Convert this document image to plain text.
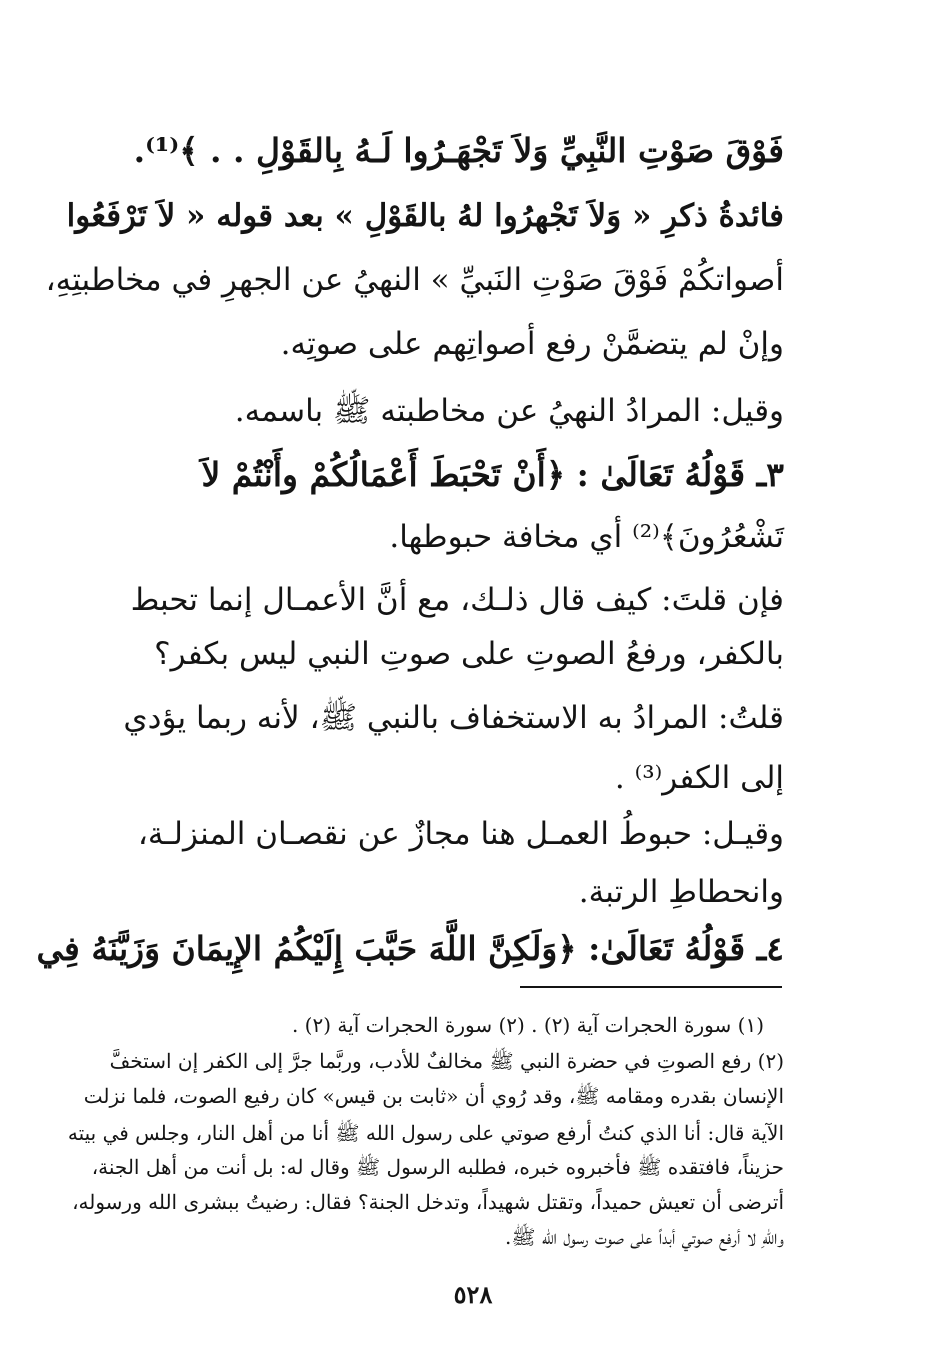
فَوْقَ صَوْتِ النَّبِيِّ وَلاَ تَجْهَـرُوا لَـهُ بِالقَوْلِ . . ﴾⁽¹⁾.
فائدةُ ذكرِ « وَلاَ تَجْهرُوا لهُ بالقَوْلِ » بعد قوله « لاَ تَرْفَعُوا
أصواتكُمْ فَوْقَ صَوْتِ النَبيِّ » النهيُ عن الجهرِ في مخاطبتِهِ،
وإنْ لم يتضمَّنْ رفع أصواتِهم على صوتِه.
وقيل: المرادُ النهيُ عن مخاطبته ﷺ باسمه.
٣ـ قَوْلُهُ تَعَالَىٰ : ﴿أَنْ تَحْبَطَ أَعْمَالُكُمْ وأَنْتُمْ لاَ
تَشْعُرُونَ﴾⁽²⁾ أي مخافة حبوطها.
فإن قلتَ: كيف قال ذلـك، مع أنَّ الأعمـال إنما تحبط
بالكفر، ورفعُ الصوتِ على صوتِ النبي ليس بكفر؟
قلتُ: المرادُ به الاستخفاف بالنبي ﷺ، لأنه ربما يؤدي
إلى الكفر⁽³⁾ .
وقيـل: حبوطُ العمـل هنا مجازٌ عن نقصـان المنزلـة،
وانحطاطِ الرتبة.
٤ـ قَوْلُهُ تَعَالَىٰ: ﴿وَلَكِنَّ اللَّهَ حَبَّبَ إِلَيْكُمُ الإِيمَانَ وَزَيَّنَهُ فِي
(١) سورة الحجرات آية (٢) . (٢) سورة الحجرات آية (٢) .
(٢) رفع الصوتِ في حضرة النبي ﷺ مخالفٌ للأدب، وربَّما جرَّ إلى الكفر إن استخفَّ
الإنسان بقدره ومقامه ﷺ، وقد رُوي أن «ثابت بن قيس» كان رفيع الصوت، فلما نزلت
الآية قال: أنا الذي كنتُ أرفع صوتي على رسول الله ﷺ أنا من أهل النار، وجلس في بيته
حزيناً، فافتقده ﷺ فأخبروه خبره، فطلبه الرسول ﷺ وقال له: بل أنت من أهل الجنة،
أترضى أن تعيش حميداً، وتقتل شهيداً، وتدخل الجنة؟ فقال: رضيتُ ببشرى الله ورسوله،
واللهِ لا أرفع صوتي أبداً على صوت رسول الله ﷺ.
٥٢٨
